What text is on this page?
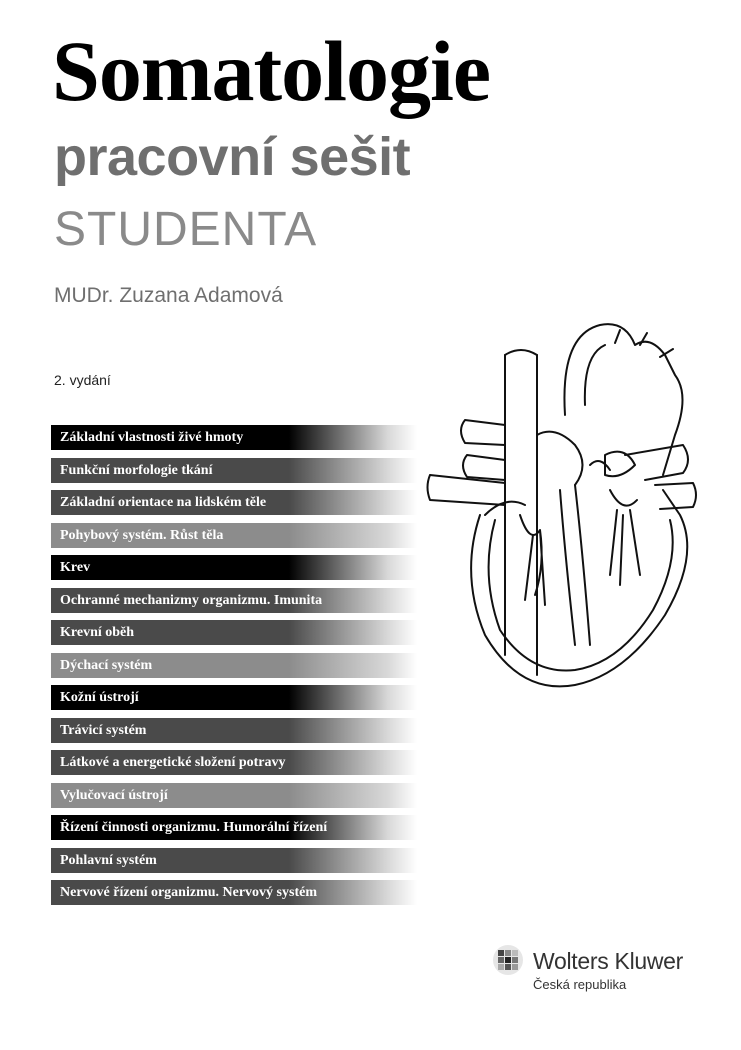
Somatologie
pracovní sešit
STUDENTA
MUDr. Zuzana Adamová
2. vydání
Základní vlastnosti živé hmoty
Funkční morfologie tkání
Základní orientace na lidském těle
Pohybový systém. Růst těla
Krev
Ochranné mechanizmy organizmu. Imunita
Krevní oběh
Dýchací systém
Kožní ústrojí
Trávicí systém
Látkové a energetické složení potravy
Vylučovací ústrojí
Řízení činnosti organizmu. Humorální řízení
Pohlavní systém
Nervové řízení organizmu. Nervový systém
Wolters Kluwer
Česká republika
